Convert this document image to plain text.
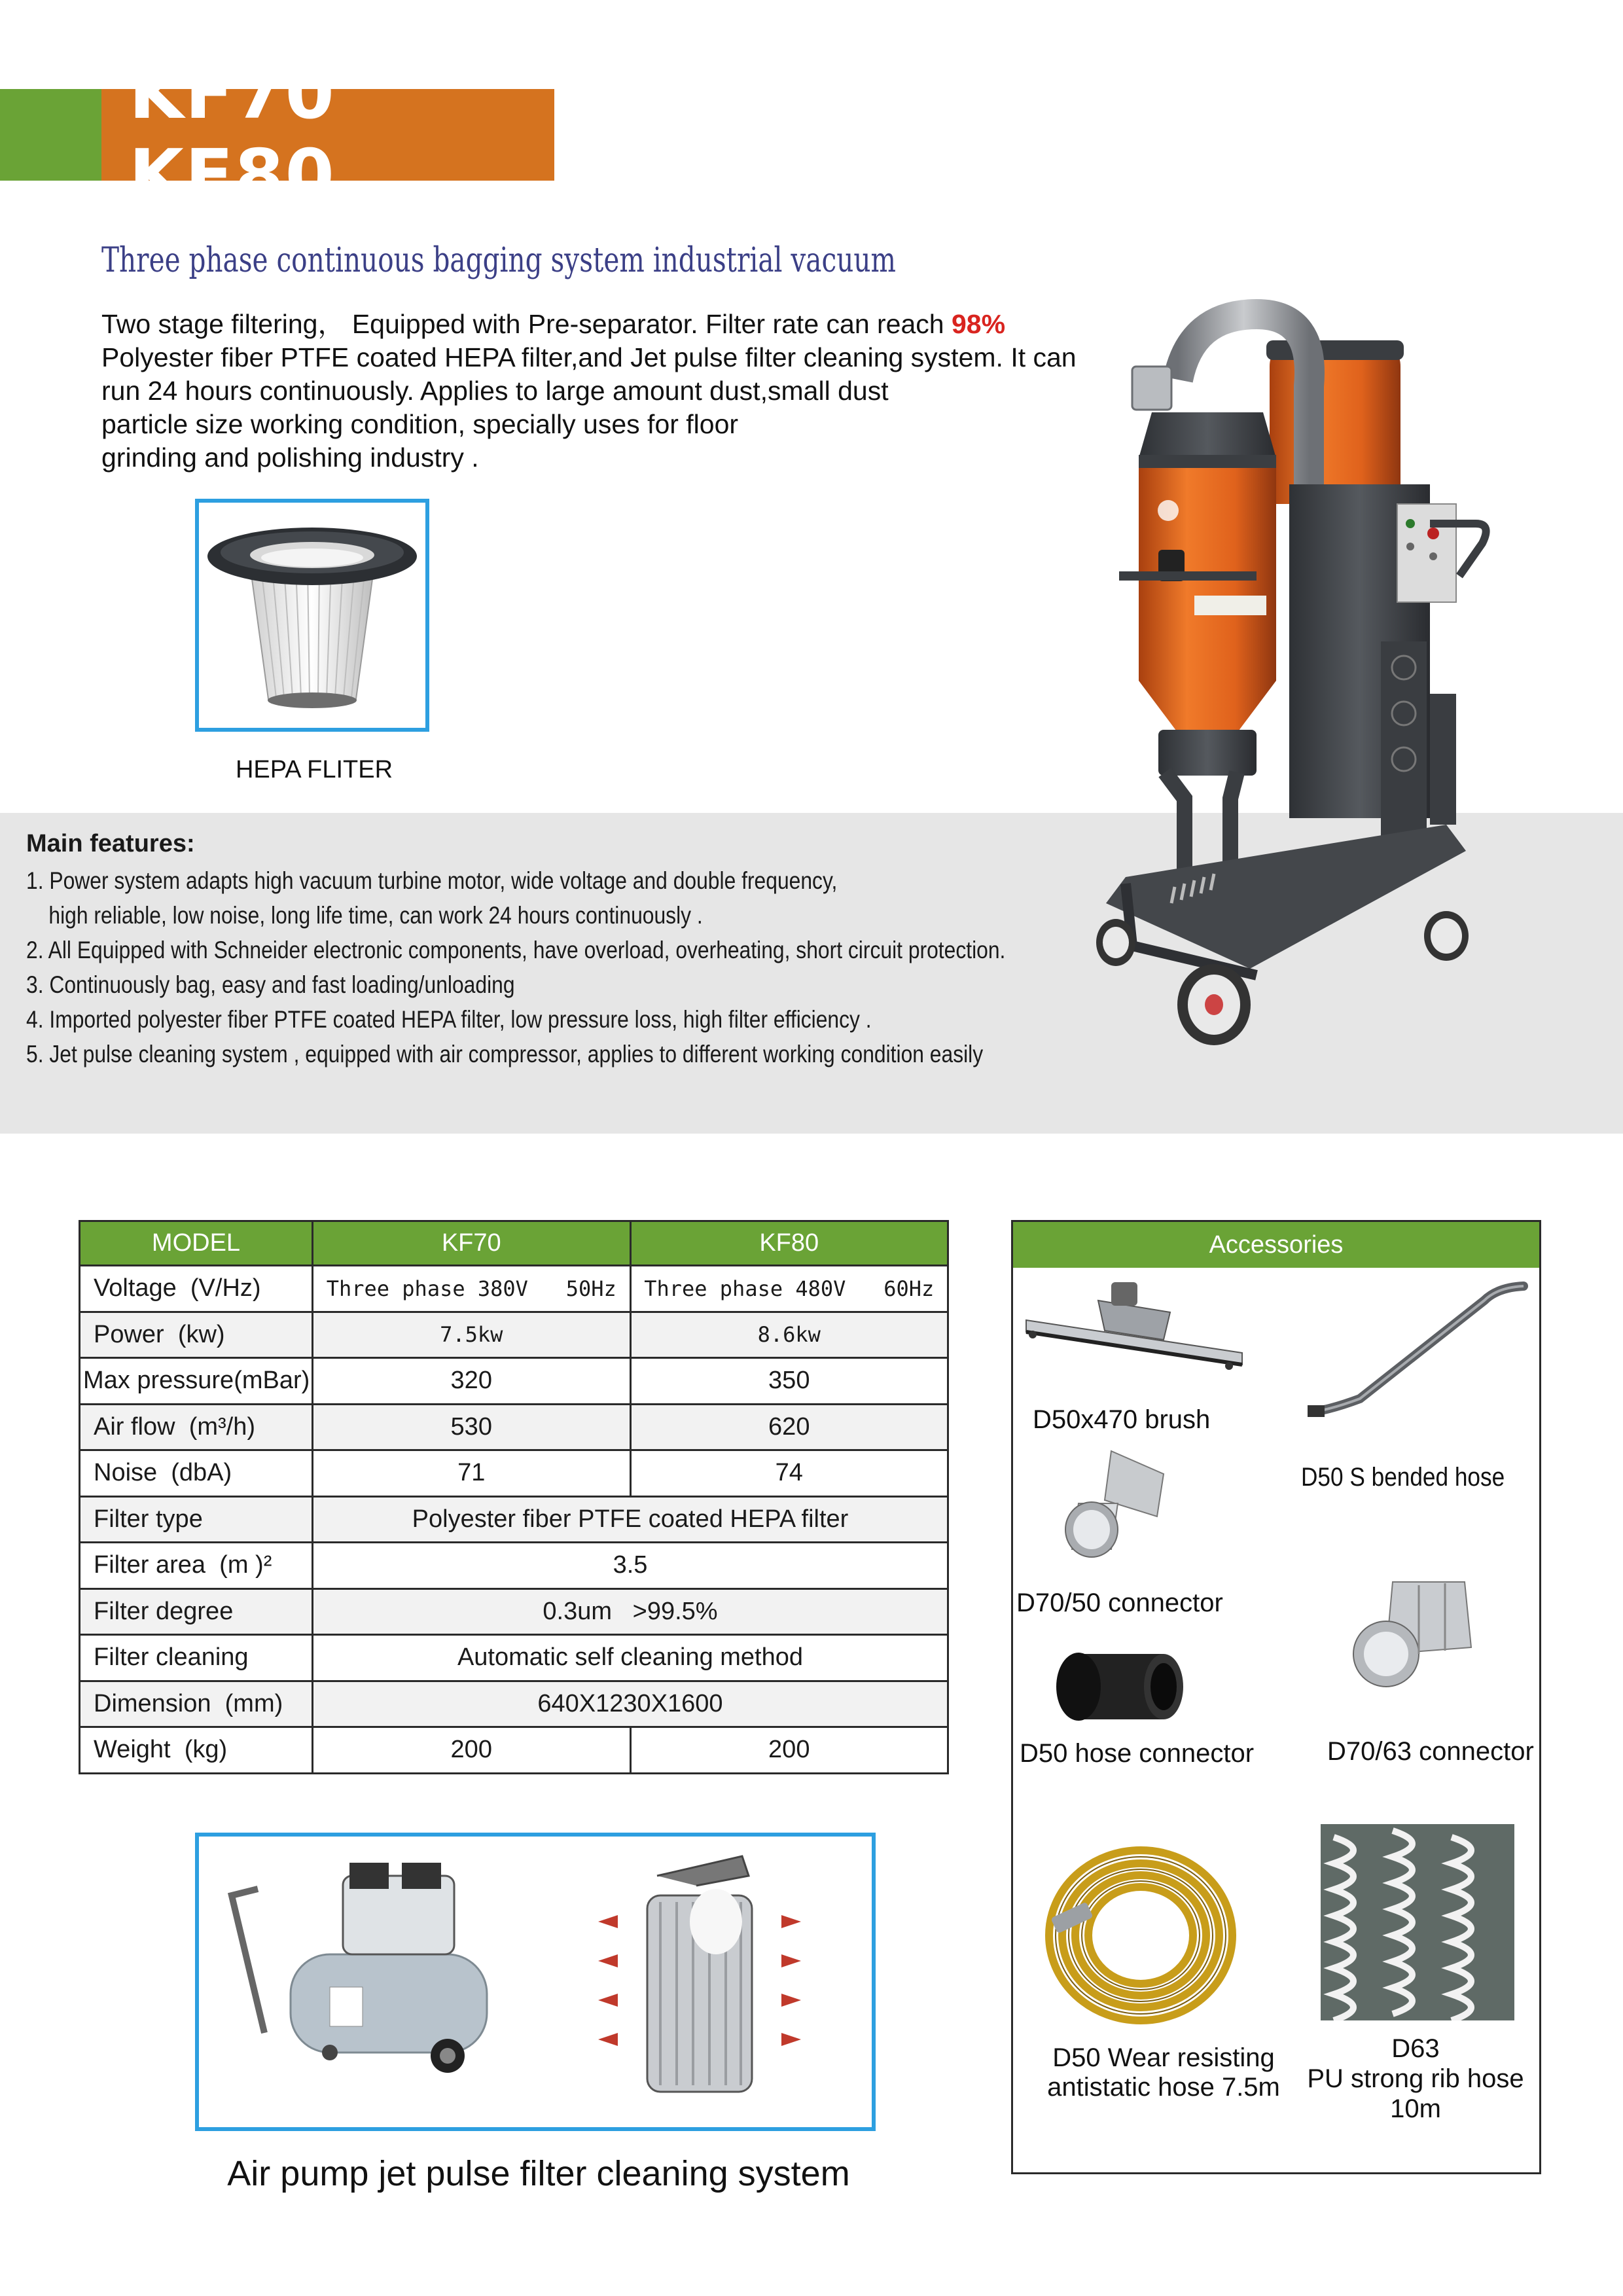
KF70 KF80
Three phase continuous bagging system industrial vacuum
Two stage filtering， Equipped with Pre-separator. Filter rate can reach 98%
Polyester fiber PTFE coated HEPA filter,and Jet pulse filter cleaning system. It can
run 24 hours continuously. Applies to large amount dust,small dust
particle size working condition, specially uses for floor
grinding and polishing industry .
HEPA FLITER
Main features:
1. Power system adapts high vacuum turbine motor, wide voltage and double frequency,
high reliable, low noise, long life time, can work 24 hours continuously .
2. All Equipped with Schneider electronic components, have overload, overheating, short circuit protection.
3. Continuously bag, easy and fast loading/unloading
4. Imported polyester fiber PTFE coated HEPA filter, low pressure loss, high filter efficiency .
5. Jet pulse cleaning system , equipped with air compressor, applies to different working condition easily
MODEL	KF70	KF80
Voltage  (V/Hz)	Three phase 380V   50Hz	Three phase 480V   60Hz
Power  (kw)	7.5kw	8.6kw
Max pressure(mBar)	320	350
Air flow  (m³/h)	530	620
Noise  (dbA)	71	74
Filter type	Polyester fiber PTFE coated HEPA filter	
Filter area  (m )²	3.5	
Filter degree	0.3um   >99.5%	
Filter cleaning	Automatic self cleaning method	
Dimension  (mm)	640X1230X1600	
Weight  (kg)	200	200
Accessories
D50x470 brush
D50 S bended hose
D70/50 connector
D50 hose connector	D70/63 connector
D50 Wear resisting
antistatic hose 7.5m
D63
PU strong rib hose
10m
Air pump jet pulse filter cleaning system
